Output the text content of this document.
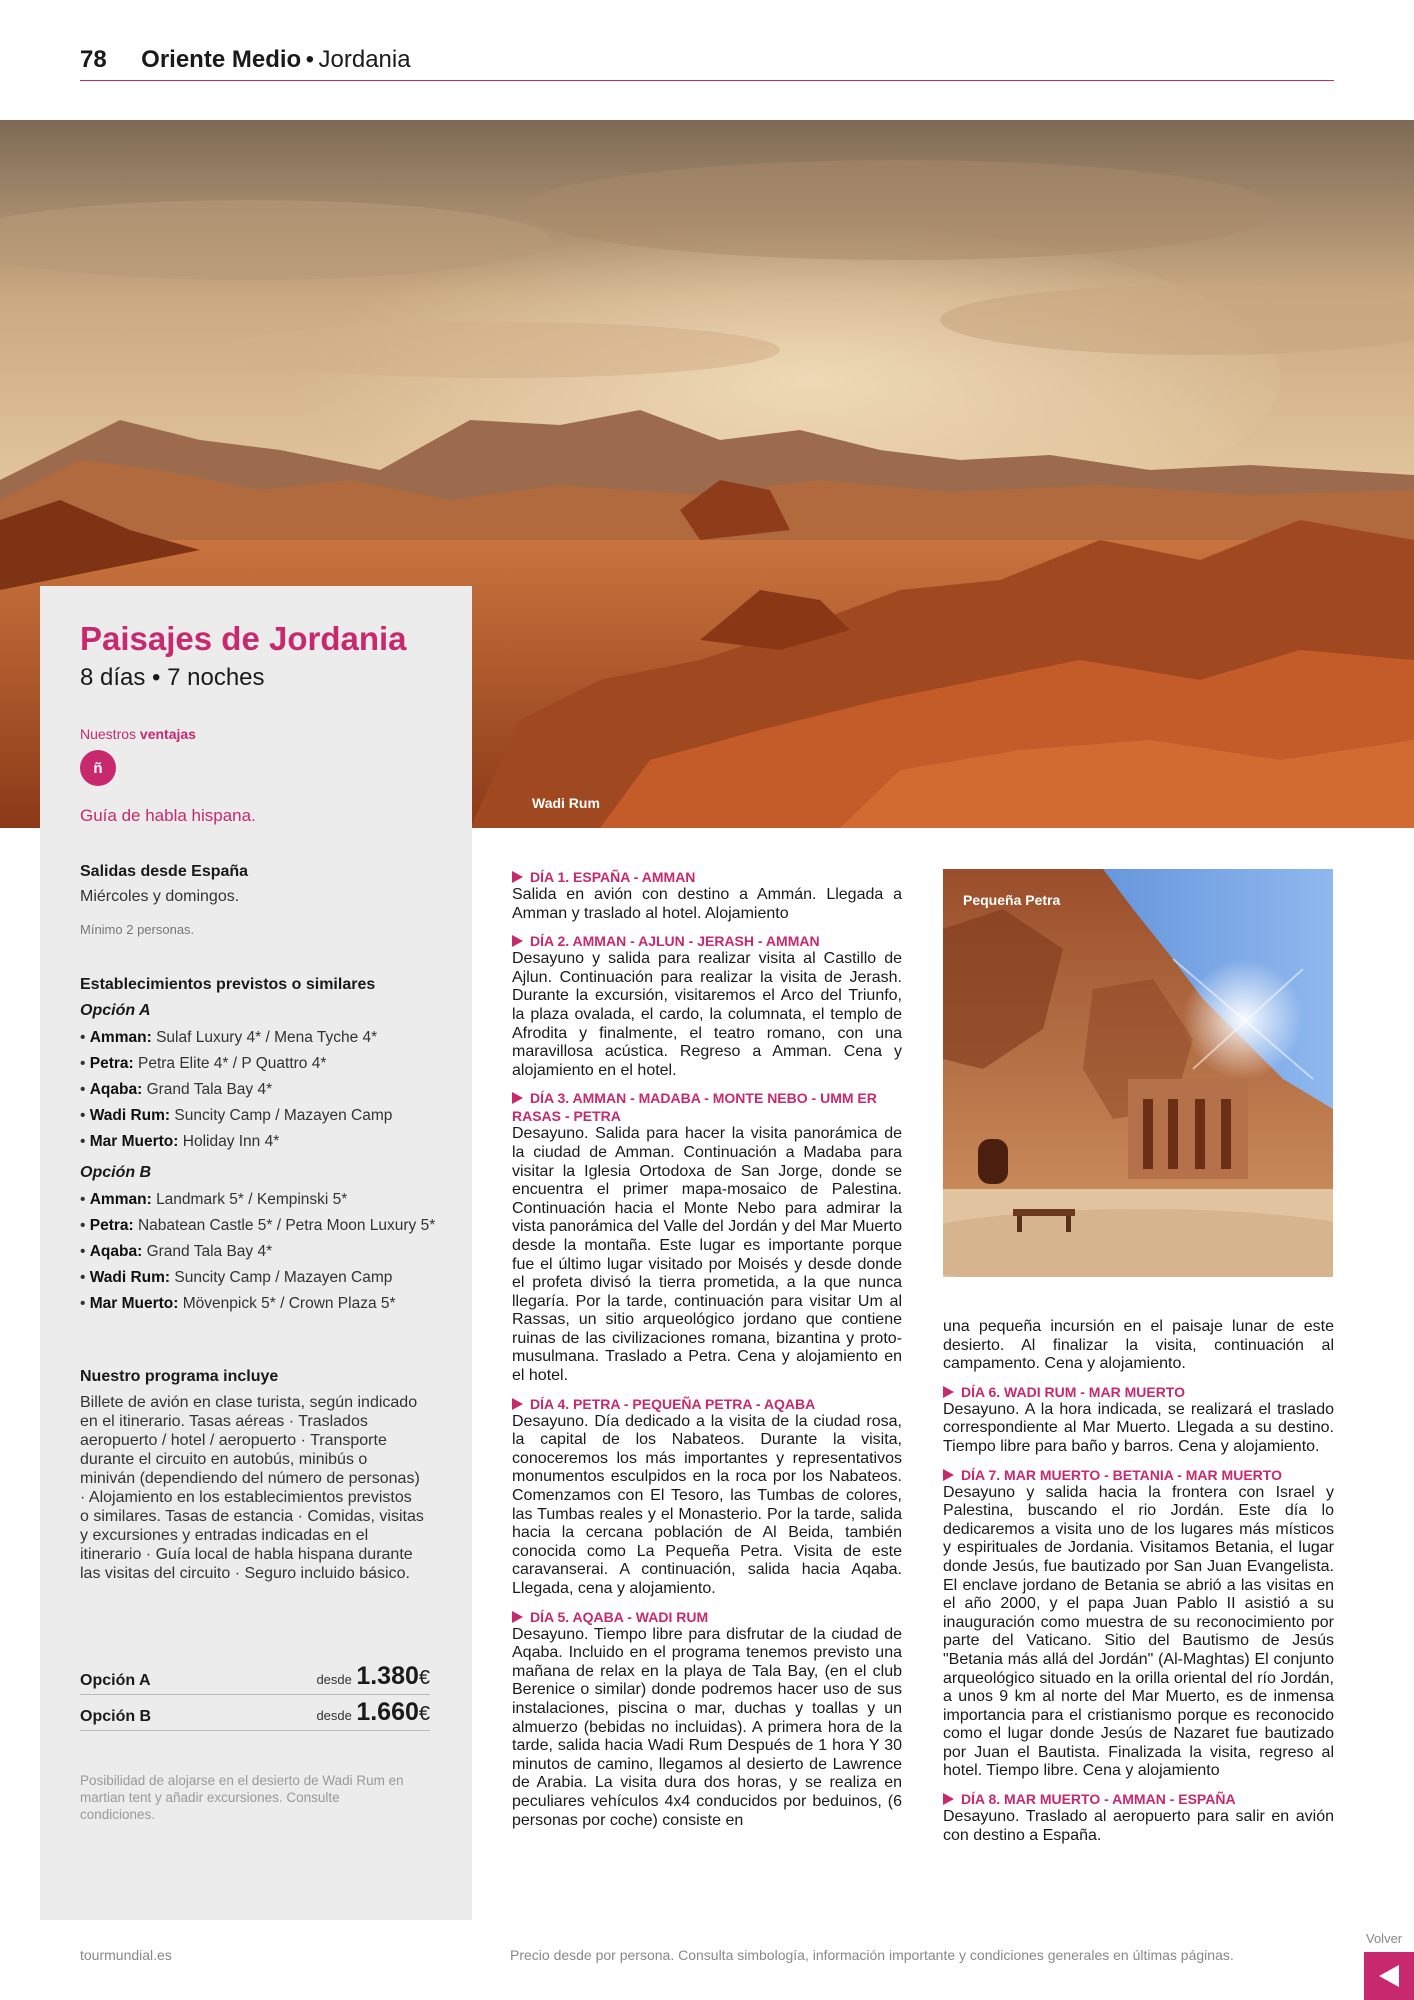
78 Oriente Medio • Jordania
Wadi Rum
Paisajes de Jordania
8 días • 7 noches
Nuestros ventajas
ñ
Guía de habla hispana.
Salidas desde España
Miércoles y domingos.
Mínimo 2 personas.
Establecimientos previstos o similares
Opción A
• Amman: Sulaf Luxury 4* / Mena Tyche 4*
• Petra: Petra Elite 4* / P Quattro 4*
• Aqaba: Grand Tala Bay 4*
• Wadi Rum: Suncity Camp / Mazayen Camp
• Mar Muerto: Holiday Inn 4*
Opción B
• Amman: Landmark 5* / Kempinski 5*
• Petra: Nabatean Castle 5* / Petra Moon Luxury 5*
• Aqaba: Grand Tala Bay 4*
• Wadi Rum: Suncity Camp / Mazayen Camp
• Mar Muerto: Mövenpick 5* / Crown Plaza 5*
Nuestro programa incluye
Billete de avión en clase turista, según indicado en el itinerario. Tasas aéreas · Traslados aeropuerto / hotel / aeropuerto · Transporte durante el circuito en autobús, minibús o miniván (dependiendo del número de personas) · Alojamiento en los establecimientos previstos o similares. Tasas de estancia · Comidas, visitas y excursiones y entradas indicadas en el itinerario · Guía local de habla hispana durante las visitas del circuito · Seguro incluido básico.
Opción A	desde 1.380€
Opción B	desde 1.660€
Posibilidad de alojarse en el desierto de Wadi Rum en martian tent y añadir excursiones. Consulte condiciones.
DÍA 1. ESPAÑA - AMMAN

Salida en avión con destino a Ammán. Llegada a Amman y traslado al hotel. Alojamiento

DÍA 2. AMMAN - AJLUN - JERASH - AMMAN

Desayuno y salida para realizar visita al Castillo de Ajlun. Continuación para realizar la visita de Jerash. Durante la excursión, visitaremos el Arco del Triunfo, la plaza ovalada, el cardo, la columnata, el templo de Afrodita y finalmente, el teatro romano, con una maravillosa acústica. Regreso a Amman. Cena y alojamiento en el hotel.

DÍA 3. AMMAN - MADABA - MONTE NEBO - UMM ER RASAS - PETRA

Desayuno. Salida para hacer la visita panorámica de la ciudad de Amman. Continuación a Madaba para visitar la Iglesia Ortodoxa de San Jorge, donde se encuentra el primer mapa-mosaico de Palestina. Continuación hacia el Monte Nebo para admirar la vista panorámica del Valle del Jordán y del Mar Muerto desde la montaña. Este lugar es importante porque fue el último lugar visitado por Moisés y desde donde el profeta divisó la tierra prometida, a la que nunca llegaría. Por la tarde, continuación para visitar Um al Rassas, un sitio arqueológico jordano que contiene ruinas de las civilizaciones romana, bizantina y proto-musulmana. Traslado a Petra. Cena y alojamiento en el hotel.

DÍA 4. PETRA - PEQUEÑA PETRA - AQABA

Desayuno. Día dedicado a la visita de la ciudad rosa, la capital de los Nabateos. Durante la visita, conoceremos los más importantes y representativos monumentos esculpidos en la roca por los Nabateos. Comenzamos con El Tesoro, las Tumbas de colores, las Tumbas reales y el Monasterio. Por la tarde, salida hacia la cercana población de Al Beida, también conocida como La Pequeña Petra. Visita de este caravanserai. A continuación, salida hacia Aqaba. Llegada, cena y alojamiento.

DÍA 5. AQABA - WADI RUM

Desayuno. Tiempo libre para disfrutar de la ciudad de Aqaba. Incluido en el programa tenemos previsto una mañana de relax en la playa de Tala Bay, (en el club Berenice o similar) donde podremos hacer uso de sus instalaciones, piscina o mar, duchas y toallas y un almuerzo (bebidas no incluidas). A primera hora de la tarde, salida hacia Wadi Rum Después de 1 hora Y 30 minutos de camino, llegamos al desierto de Lawrence de Arabia. La visita dura dos horas, y se realiza en peculiares vehículos 4x4 conducidos por beduinos, (6 personas por coche) consiste en

Pequeña Petra

una pequeña incursión en el paisaje lunar de este desierto. Al finalizar la visita, continuación al campamento. Cena y alojamiento.

DÍA 6. WADI RUM - MAR MUERTO

Desayuno. A la hora indicada, se realizará el traslado correspondiente al Mar Muerto. Llegada a su destino. Tiempo libre para baño y barros. Cena y alojamiento.

DÍA 7. MAR MUERTO - BETANIA - MAR MUERTO

Desayuno y salida hacia la frontera con Israel y Palestina, buscando el rio Jordán. Este día lo dedicaremos a visita uno de los lugares más místicos y espirituales de Jordania. Visitamos Betania, el lugar donde Jesús, fue bautizado por San Juan Evangelista. El enclave jordano de Betania se abrió a las visitas en el año 2000, y el papa Juan Pablo II asistió a su inauguración como muestra de su reconocimiento por parte del Vaticano. Sitio del Bautismo de Jesús "Betania más allá del Jordán" (Al-Maghtas) El conjunto arqueológico situado en la orilla oriental del río Jordán, a unos 9 km al norte del Mar Muerto, es de inmensa importancia para el cristianismo porque es reconocido como el lugar donde Jesús de Nazaret fue bautizado por Juan el Bautista. Finalizada la visita, regreso al hotel. Tiempo libre. Cena y alojamiento

DÍA 8. MAR MUERTO - AMMAN - ESPAÑA

Desayuno. Traslado al aeropuerto para salir en avión con destino a España.

tourmundial.es	Precio desde por persona. Consulta simbología, información importante y condiciones generales en últimas páginas.
Volver
